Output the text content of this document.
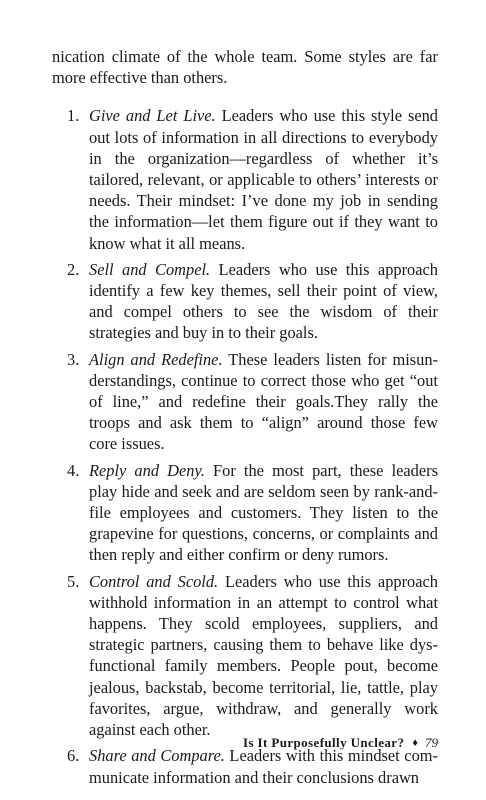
nication climate of the whole team. Some styles are far more effective than others.

1. Give and Let Live. Leaders who use this style send out lots of information in all directions to everybody in the organization—regardless of whether it’s tailored, relevant, or applicable to others’ interests or needs. Their mindset: I’ve done my job in sending the information—let them figure out if they want to know what it all means.
2. Sell and Compel. Leaders who use this approach identify a few key themes, sell their point of view, and compel others to see the wisdom of their strategies and buy in to their goals.
3. Align and Redefine. These leaders listen for misunderstandings, continue to correct those who get “out of line,” and redefine their goals.They rally the troops and ask them to “align” around those few core issues.
4. Reply and Deny. For the most part, these leaders play hide and seek and are seldom seen by rank-and-file employees and customers. They listen to the grapevine for questions, concerns, or complaints and then reply and either confirm or deny rumors.
5. Control and Scold. Leaders who use this approach withhold information in an attempt to control what happens. They scold employees, suppliers, and strategic partners, causing them to behave like dysfunctional family members. People pout, become jealous, backstab, become territorial, lie, tattle, play favorites, argue, withdraw, and generally work against each other.
6. Share and Compare. Leaders with this mindset communicate information and their conclusions drawn
Is It Purposefully Unclear? ♦ 79
